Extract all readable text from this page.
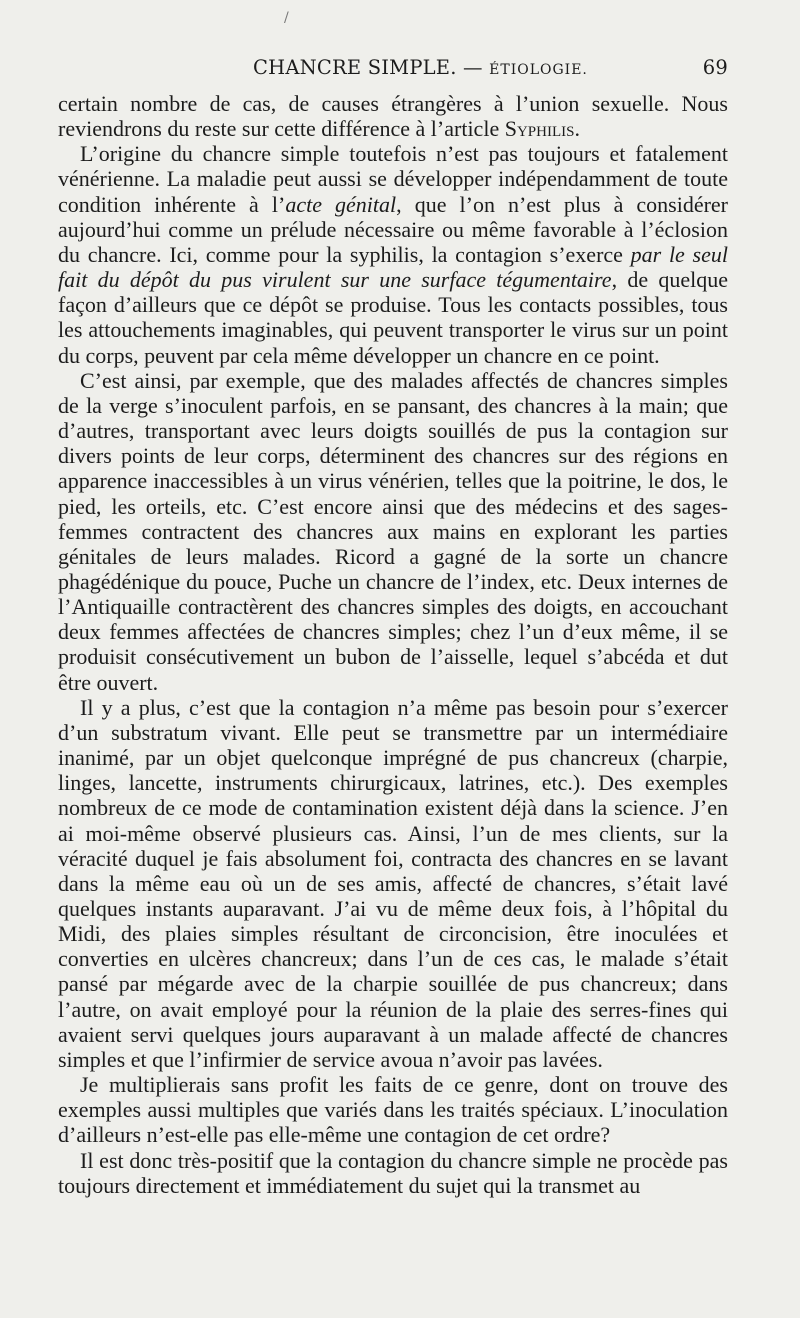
/
CHANCRE SIMPLE. — ÉTIOLOGIE.	69

certain nombre de cas, de causes étrangères à l’union sexuelle. Nous reviendrons du reste sur cette différence à l’article Syphilis.

L’origine du chancre simple toutefois n’est pas toujours et fatalement vénérienne. La maladie peut aussi se développer indépendamment de toute condition inhérente à l’acte génital, que l’on n’est plus à considérer aujourd’hui comme un prélude nécessaire ou même favorable à l’éclosion du chancre. Ici, comme pour la syphilis, la contagion s’exerce par le seul fait du dépôt du pus virulent sur une surface tégumentaire, de quelque façon d’ailleurs que ce dépôt se produise. Tous les contacts possibles, tous les attouchements imaginables, qui peuvent transporter le virus sur un point du corps, peuvent par cela même développer un chancre en ce point.

C’est ainsi, par exemple, que des malades affectés de chancres simples de la verge s’inoculent parfois, en se pansant, des chancres à la main; que d’autres, transportant avec leurs doigts souillés de pus la contagion sur divers points de leur corps, déterminent des chancres sur des régions en apparence inaccessibles à un virus vénérien, telles que la poitrine, le dos, le pied, les orteils, etc. C’est encore ainsi que des médecins et des sages-femmes contractent des chancres aux mains en explorant les parties génitales de leurs malades. Ricord a gagné de la sorte un chancre phagédénique du pouce, Puche un chancre de l’index, etc. Deux internes de l’Antiquaille contractèrent des chancres simples des doigts, en accouchant deux femmes affectées de chancres simples; chez l’un d’eux même, il se produisit consécutivement un bubon de l’aisselle, lequel s’abcéda et dut être ouvert.

Il y a plus, c’est que la contagion n’a même pas besoin pour s’exercer d’un substratum vivant. Elle peut se transmettre par un intermédiaire inanimé, par un objet quelconque imprégné de pus chancreux (charpie, linges, lancette, instruments chirurgicaux, latrines, etc.). Des exemples nombreux de ce mode de contamination existent déjà dans la science. J’en ai moi-même observé plusieurs cas. Ainsi, l’un de mes clients, sur la véracité duquel je fais absolument foi, contracta des chancres en se lavant dans la même eau où un de ses amis, affecté de chancres, s’était lavé quelques instants auparavant. J’ai vu de même deux fois, à l’hôpital du Midi, des plaies simples résultant de circoncision, être inoculées et converties en ulcères chancreux; dans l’un de ces cas, le malade s’était pansé par mégarde avec de la charpie souillée de pus chancreux; dans l’autre, on avait employé pour la réunion de la plaie des serres-fines qui avaient servi quelques jours auparavant à un malade affecté de chancres simples et que l’infirmier de service avoua n’avoir pas lavées.

Je multiplierais sans profit les faits de ce genre, dont on trouve des exemples aussi multiples que variés dans les traités spéciaux. L’inoculation d’ailleurs n’est-elle pas elle-même une contagion de cet ordre?

Il est donc très-positif que la contagion du chancre simple ne procède pas toujours directement et immédiatement du sujet qui la transmet au
